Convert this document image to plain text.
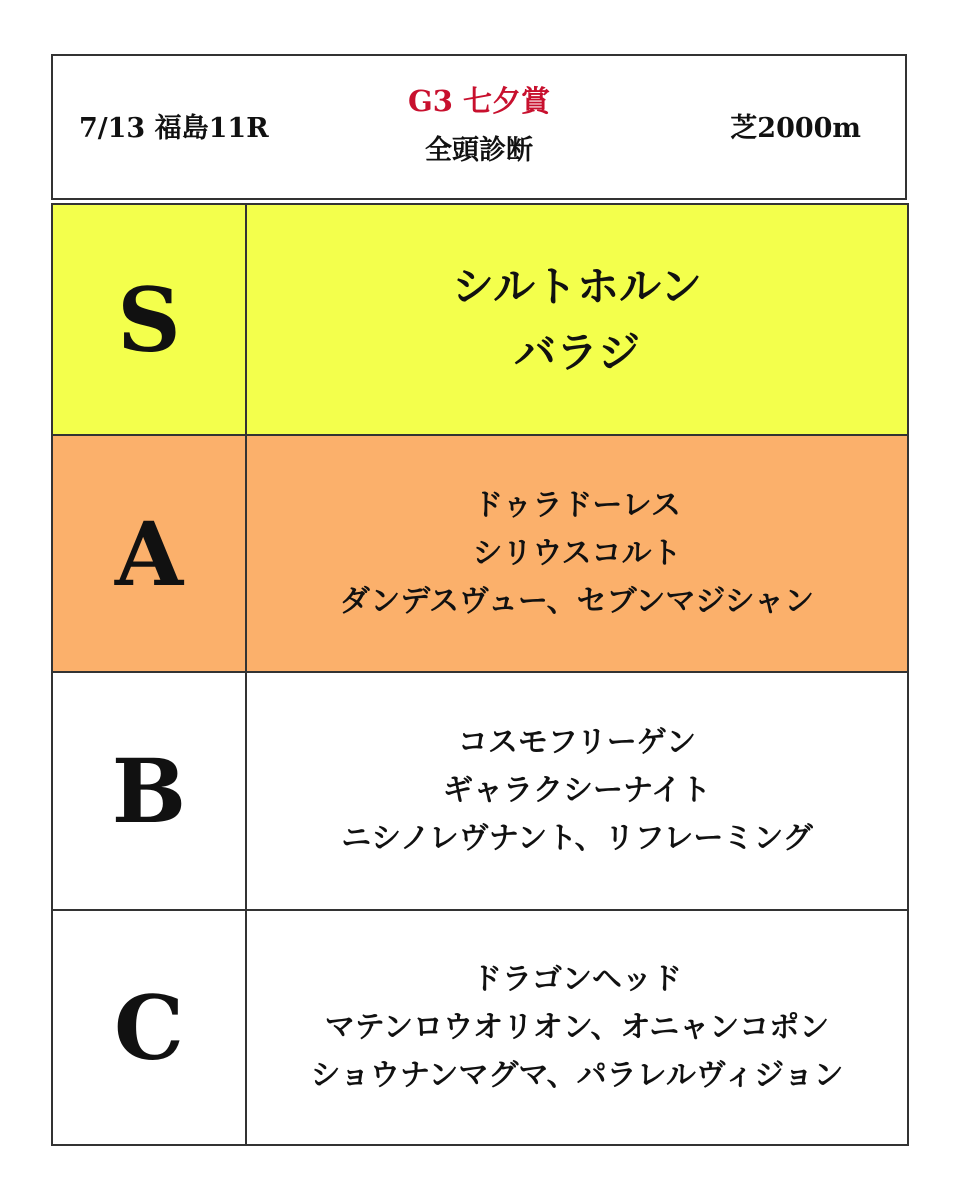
7/13 福島11R
G3 七夕賞
全頭診断
芝2000m
S	シルトホルン
バラジ
A	ドゥラドーレス
シリウスコルト
ダンデスヴュー、セブンマジシャン
B	コスモフリーゲン
ギャラクシーナイト
ニシノレヴナント、リフレーミング
C	ドラゴンヘッド
マテンロウオリオン、オニャンコポン
ショウナンマグマ、パラレルヴィジョン
